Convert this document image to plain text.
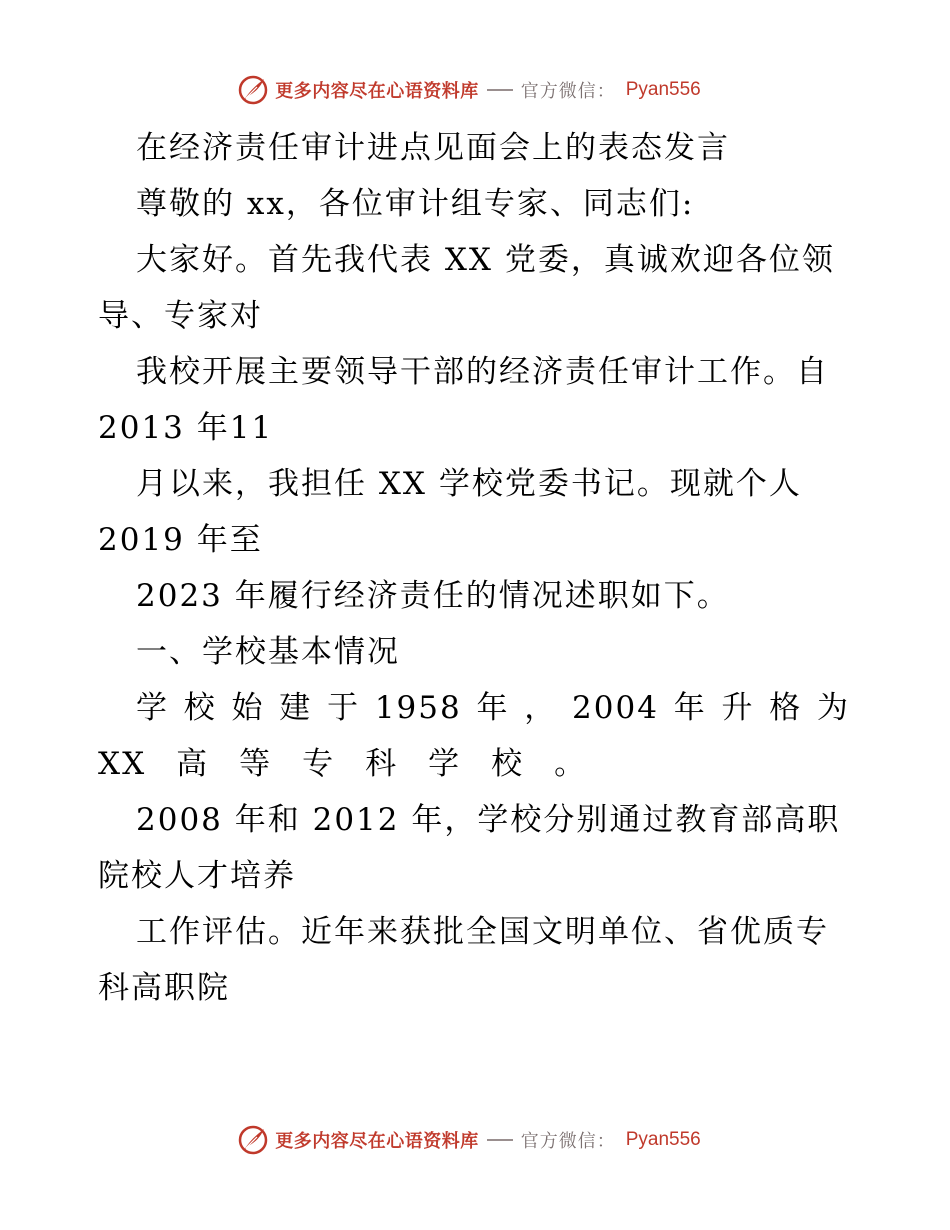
更多内容尽在心语资料库 官方微信： Pyan556
在经济责任审计进点见面会上的表态发言
尊敬的 xx，各位审计组专家、同志们:
大家好。首先我代表 XX 党委，真诚欢迎各位领
导、专家对
我校开展主要领导干部的经济责任审计工作。自
2013 年11
月以来，我担任 XX 学校党委书记。现就个人
2019 年至
2023 年履行经济责任的情况述职如下。
一、学校基本情况
学 校 始 建 于 1958 年 ， 2004 年 升 格 为
XX 高 等 专 科 学 校 。
2008 年和 2012 年，学校分别通过教育部高职
院校人才培养
工作评估。近年来获批全国文明单位、省优质专
科高职院
更多内容尽在心语资料库 官方微信： Pyan556
